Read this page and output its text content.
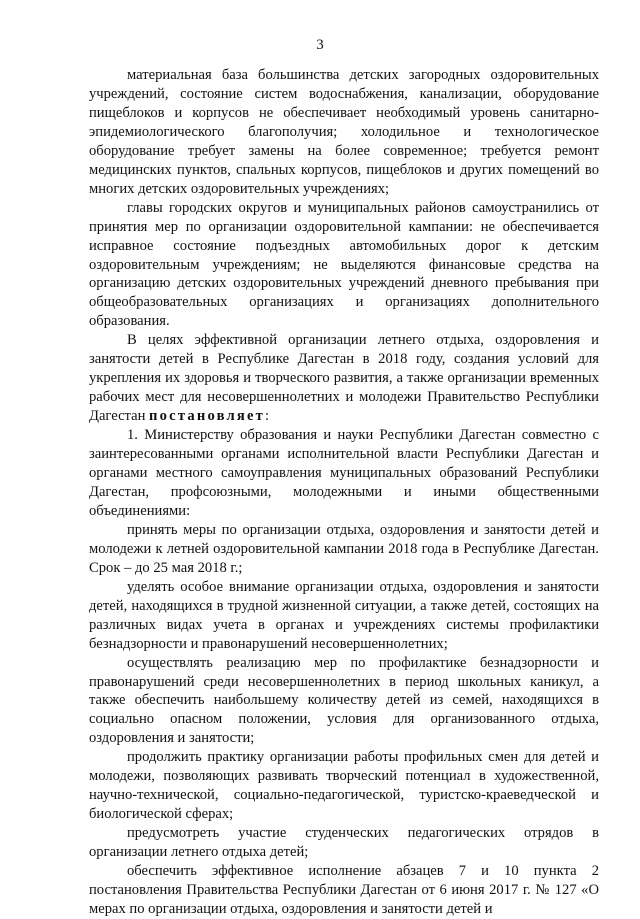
3

материальная база большинства детских загородных оздоровительных учреждений, состояние систем водоснабжения, канализации, оборудование пищеблоков и корпусов не обеспечивает необходимый уровень санитарно-эпидемиологического благополучия; холодильное и технологическое оборудование требует замены на более современное; требуется ремонт медицинских пунктов, спальных корпусов, пищеблоков и других помещений во многих детских оздоровительных учреждениях;

главы городских округов и муниципальных районов самоустранились от принятия мер по организации оздоровительной кампании: не обеспечивается исправное состояние подъездных автомобильных дорог к детским оздоровительным учреждениям; не выделяются финансовые средства на организацию детских оздоровительных учреждений дневного пребывания при общеобразовательных организациях и организациях дополнительного образования.

В целях эффективной организации летнего отдыха, оздоровления и занятости детей в Республике Дагестан в 2018 году, создания условий для укрепления их здоровья и творческого развития, а также организации временных рабочих мест для несовершеннолетних и молодежи Правительство Республики Дагестан постановляет:

1. Министерству образования и науки Республики Дагестан совместно с заинтересованными органами исполнительной власти Республики Дагестан и органами местного самоуправления муниципальных образований Республики Дагестан, профсоюзными, молодежными и иными общественными объединениями:

принять меры по организации отдыха, оздоровления и занятости детей и молодежи к летней оздоровительной кампании 2018 года в Республике Дагестан. Срок – до 25 мая 2018 г.;

уделять особое внимание организации отдыха, оздоровления и занятости детей, находящихся в трудной жизненной ситуации, а также детей, состоящих на различных видах учета в органах и учреждениях системы профилактики безнадзорности и правонарушений несовершеннолетних;

осуществлять реализацию мер по профилактике безнадзорности и правонарушений среди несовершеннолетних в период школьных каникул, а также обеспечить наибольшему количеству детей из семей, находящихся в социально опасном положении, условия для организованного отдыха, оздоровления и занятости;

продолжить практику организации работы профильных смен для детей и молодежи, позволяющих развивать творческий потенциал в художественной, научно-технической, социально-педагогической, туристско-краеведческой и биологической сферах;

предусмотреть участие студенческих педагогических отрядов в организации летнего отдыха детей;

обеспечить эффективное исполнение абзацев 7 и 10 пункта 2 постановления Правительства Республики Дагестан от 6 июня 2017 г. № 127 «О мерах по организации отдыха, оздоровления и занятости детей и
